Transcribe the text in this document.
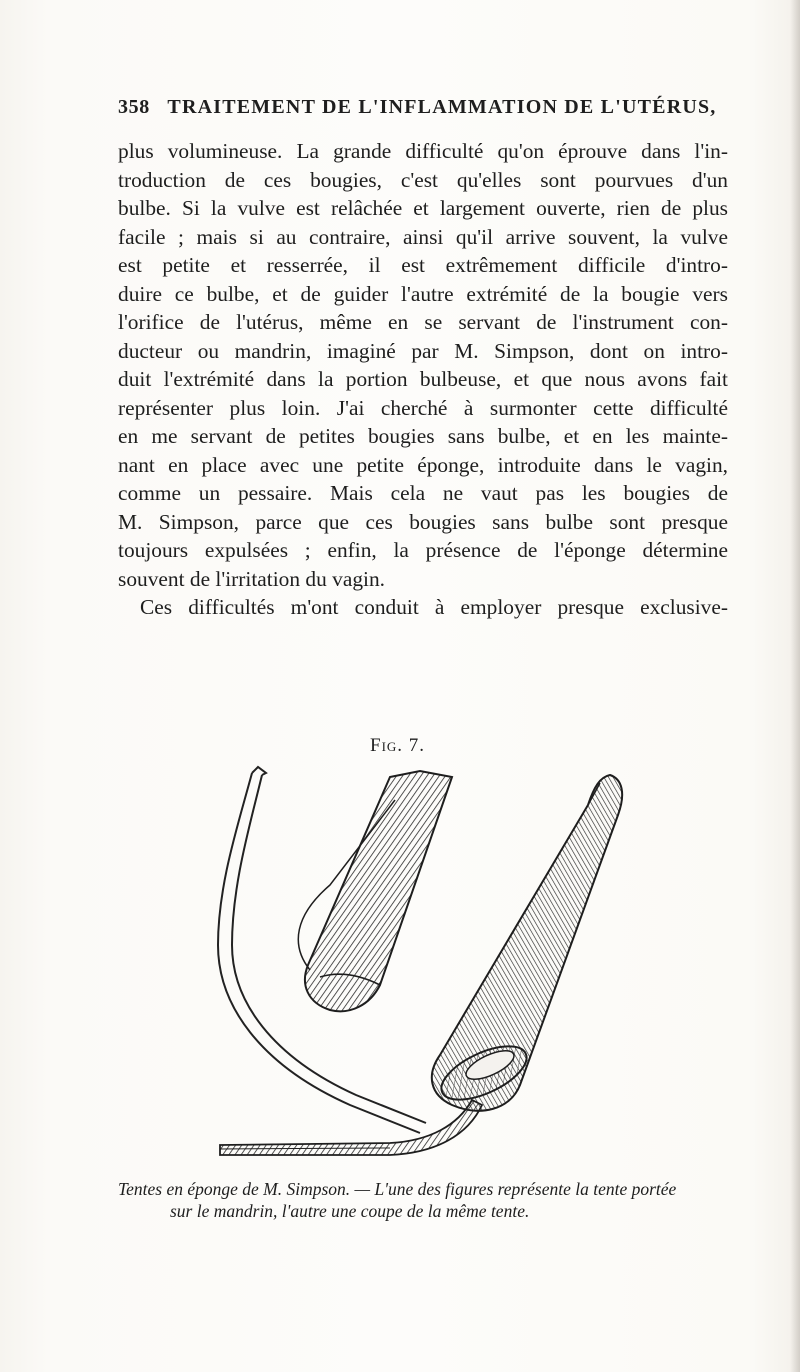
358 TRAITEMENT DE L'INFLAMMATION DE L'UTÉRUS,
plus volumineuse. La grande difficulté qu'on éprouve dans l'in-
troduction de ces bougies, c'est qu'elles sont pourvues d'un
bulbe. Si la vulve est relâchée et largement ouverte, rien de plus
facile ; mais si au contraire, ainsi qu'il arrive souvent, la vulve
est petite et resserrée, il est extrêmement difficile d'intro-
duire ce bulbe, et de guider l'autre extrémité de la bougie vers
l'orifice de l'utérus, même en se servant de l'instrument con-
ducteur ou mandrin, imaginé par M. Simpson, dont on intro-
duit l'extrémité dans la portion bulbeuse, et que nous avons fait
représenter plus loin. J'ai cherché à surmonter cette difficulté
en me servant de petites bougies sans bulbe, et en les mainte-
nant en place avec une petite éponge, introduite dans le vagin,
comme un pessaire. Mais cela ne vaut pas les bougies de
M. Simpson, parce que ces bougies sans bulbe sont presque
toujours expulsées ; enfin, la présence de l'éponge détermine
souvent de l'irritation du vagin.
Ces difficultés m'ont conduit à employer presque exclusive-
Fig. 7.
Tentes en éponge de M. Simpson. — L'une des figures représente la tente portée
sur le mandrin, l'autre une coupe de la même tente.
